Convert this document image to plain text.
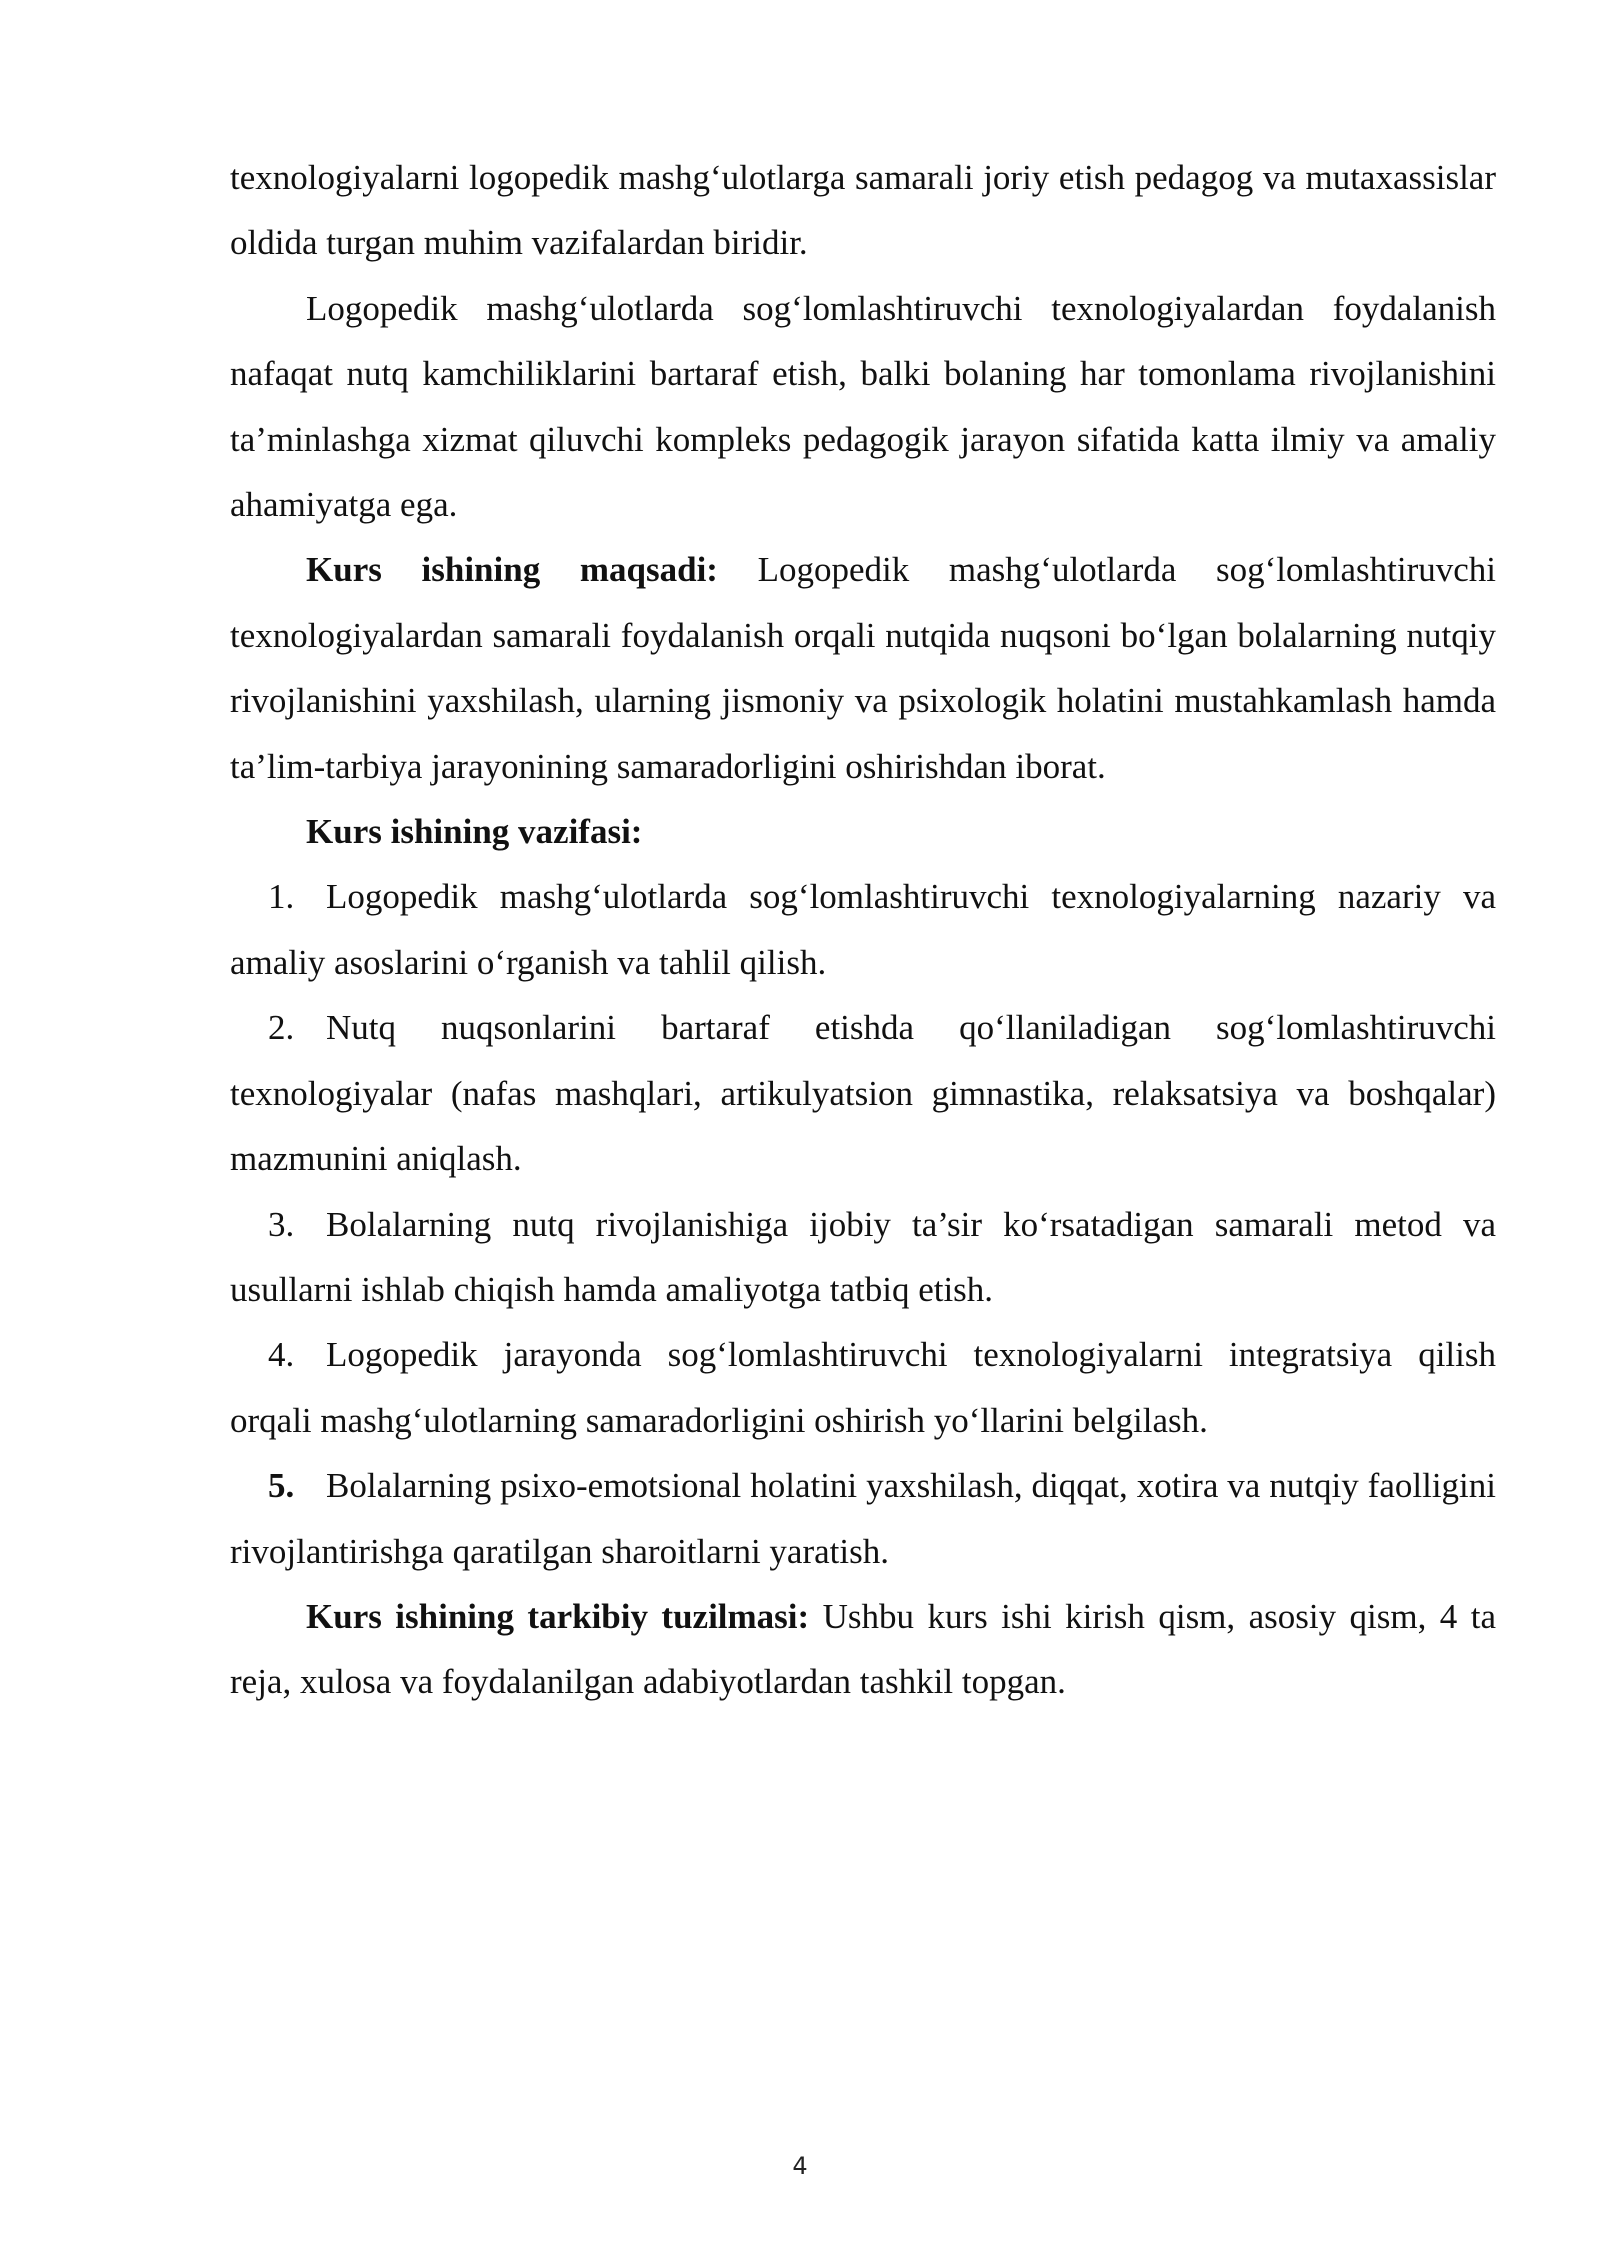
texnologiyalarni logopedik mashg‘ulotlarga samarali joriy etish pedagog va mutaxassislar oldida turgan muhim vazifalardan biridir.

Logopedik mashg‘ulotlarda sog‘lomlashtiruvchi texnologiyalardan foydalanish nafaqat nutq kamchiliklarini bartaraf etish, balki bolaning har tomonlama rivojlanishini ta’minlashga xizmat qiluvchi kompleks pedagogik jarayon sifatida katta ilmiy va amaliy ahamiyatga ega.

Kurs ishining maqsadi: Logopedik mashg‘ulotlarda sog‘lomlashtiruvchi texnologiyalardan samarali foydalanish orqali nutqida nuqsoni bo‘lgan bolalarning nutqiy rivojlanishini yaxshilash, ularning jismoniy va psixologik holatini mustahkamlash hamda ta’lim-tarbiya jarayonining samaradorligini oshirishdan iborat.

Kurs ishining vazifasi:

1. Logopedik mashg‘ulotlarda sog‘lomlashtiruvchi texnologiyalarning nazariy va amaliy asoslarini o‘rganish va tahlil qilish.

2. Nutq nuqsonlarini bartaraf etishda qo‘llaniladigan sog‘lomlashtiruvchi texnologiyalar (nafas mashqlari, artikulyatsion gimnastika, relaksatsiya va boshqalar) mazmunini aniqlash.

3. Bolalarning nutq rivojlanishiga ijobiy ta’sir ko‘rsatadigan samarali metod va usullarni ishlab chiqish hamda amaliyotga tatbiq etish.

4. Logopedik jarayonda sog‘lomlashtiruvchi texnologiyalarni integratsiya qilish orqali mashg‘ulotlarning samaradorligini oshirish yo‘llarini belgilash.

5. Bolalarning psixo-emotsional holatini yaxshilash, diqqat, xotira va nutqiy faolligini rivojlantirishga qaratilgan sharoitlarni yaratish.

Kurs ishining tarkibiy tuzilmasi: Ushbu kurs ishi kirish qism, asosiy qism, 4 ta reja, xulosa va foydalanilgan adabiyotlardan tashkil topgan.

4
